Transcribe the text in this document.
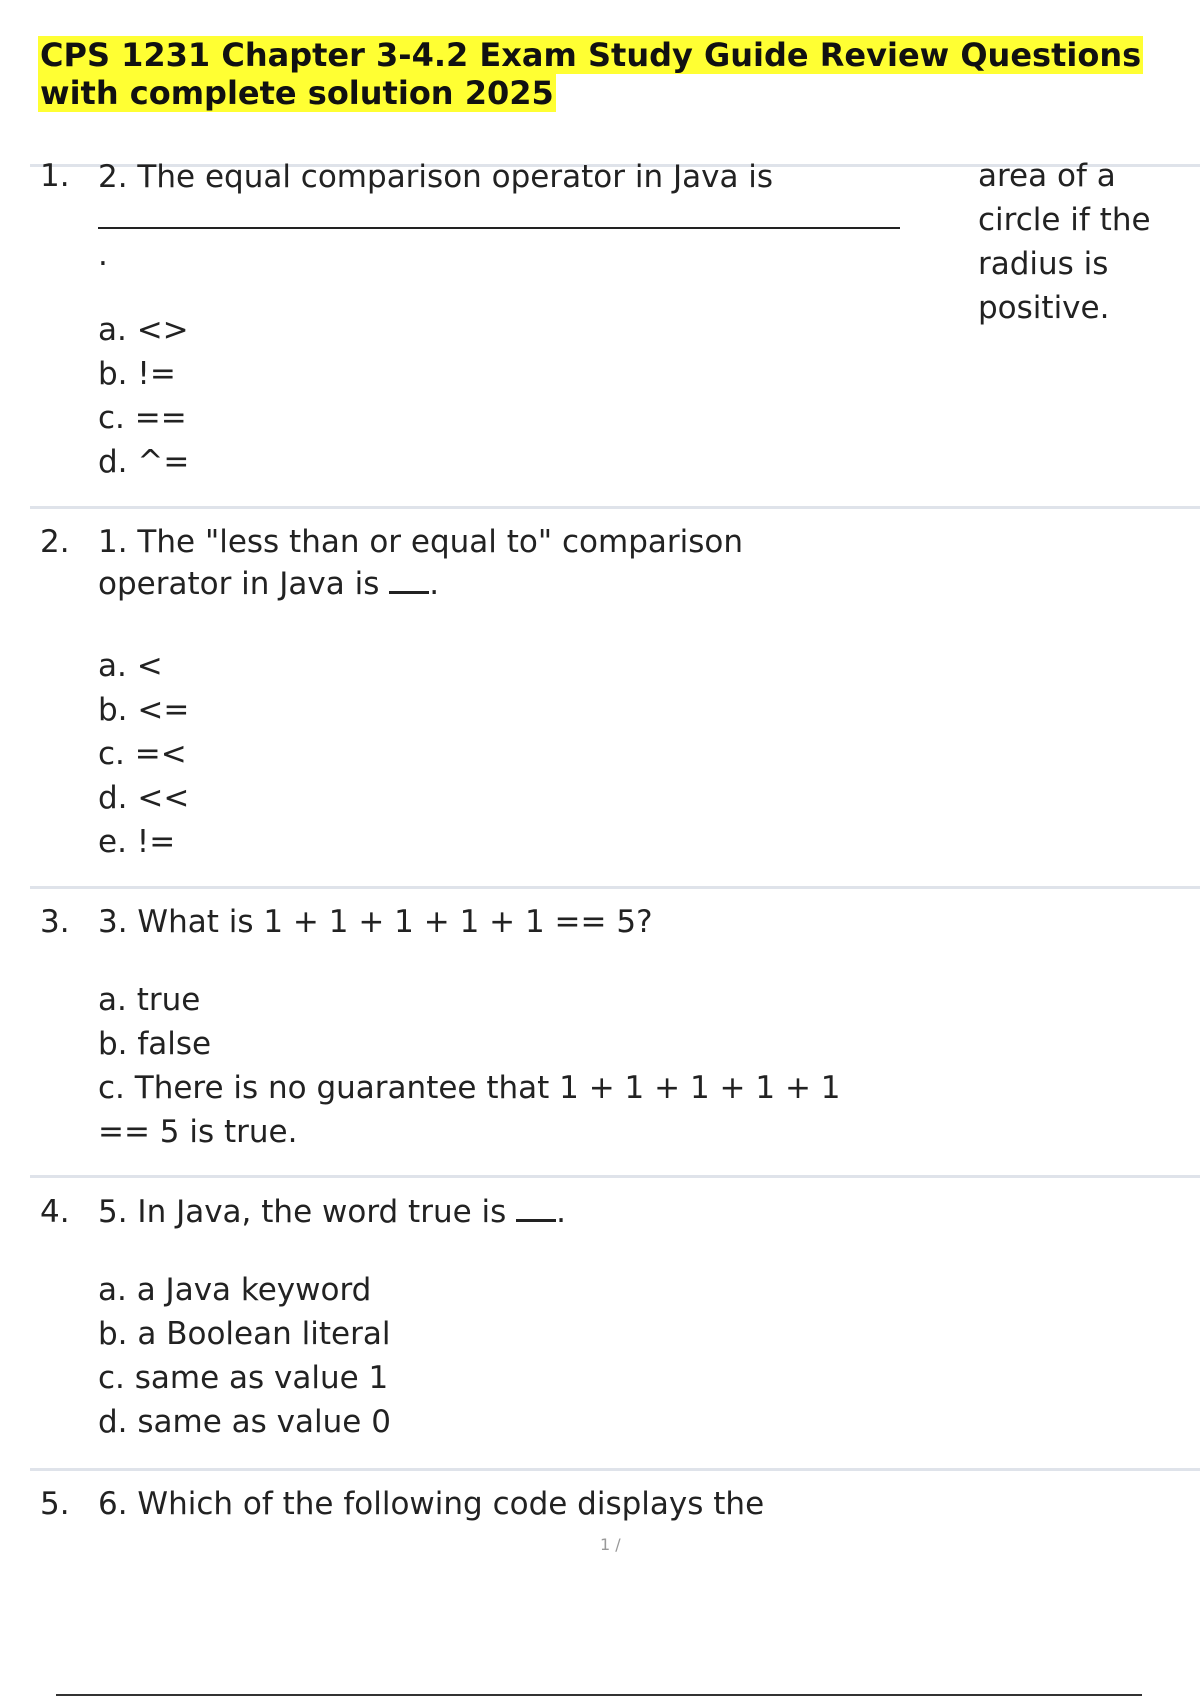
CPS 1231 Chapter 3-4.2 Exam Study Guide Review Questions
with complete solution 2025
1. 2. The equal comparison operator in Java is
.
area of a circle if the radius is positive.
a. <>
b. !=
c. ==
d. ^=
2. 1. The "less than or equal to" comparison
operator in Java is .
a. <
b. <=
c. =<
d. <<
e. !=
3. 3. What is 1 + 1 + 1 + 1 + 1 == 5?
a. true
b. false
c. There is no guarantee that 1 + 1 + 1 + 1 + 1 == 5 is true.
4. 5. In Java, the word true is .
a. a Java keyword
b. a Boolean literal
c. same as value 1
d. same as value 0
5. 6. Which of the following code displays the
1 /
